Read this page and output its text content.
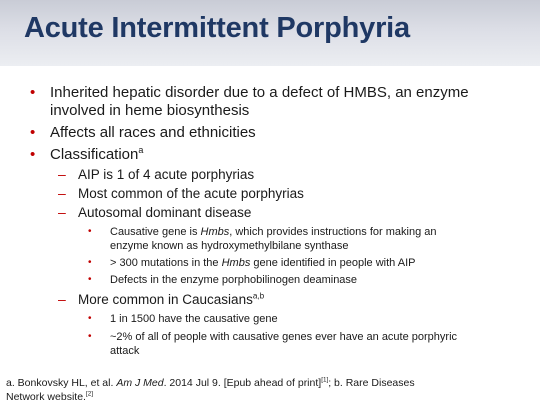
Acute Intermittent Porphyria
• Inherited hepatic disorder due to a defect of HMBS, an enzyme
involved in heme biosynthesis
• Affects all races and ethnicities
• Classification$^a$
– AIP is 1 of 4 acute porphyrias
– Most common of the acute porphyrias
– Autosomal dominant disease
• Causative gene is Hmbs, which provides instructions for making an
enzyme known as hydroxymethylbilane synthase
• > 300 mutations in the Hmbs gene identified in people with AIP
• Defects in the enzyme porphobilinogen deaminase
– More common in Caucasians$^{a,b}$
• 1 in 1500 have the causative gene
• ~2% of all of people with causative genes ever have an acute porphyric
attack
a. Bonkovsky HL, et al. Am J Med. 2014 Jul 9. [Epub ahead of print][1]; b. Rare Diseases
Network website.[2]
